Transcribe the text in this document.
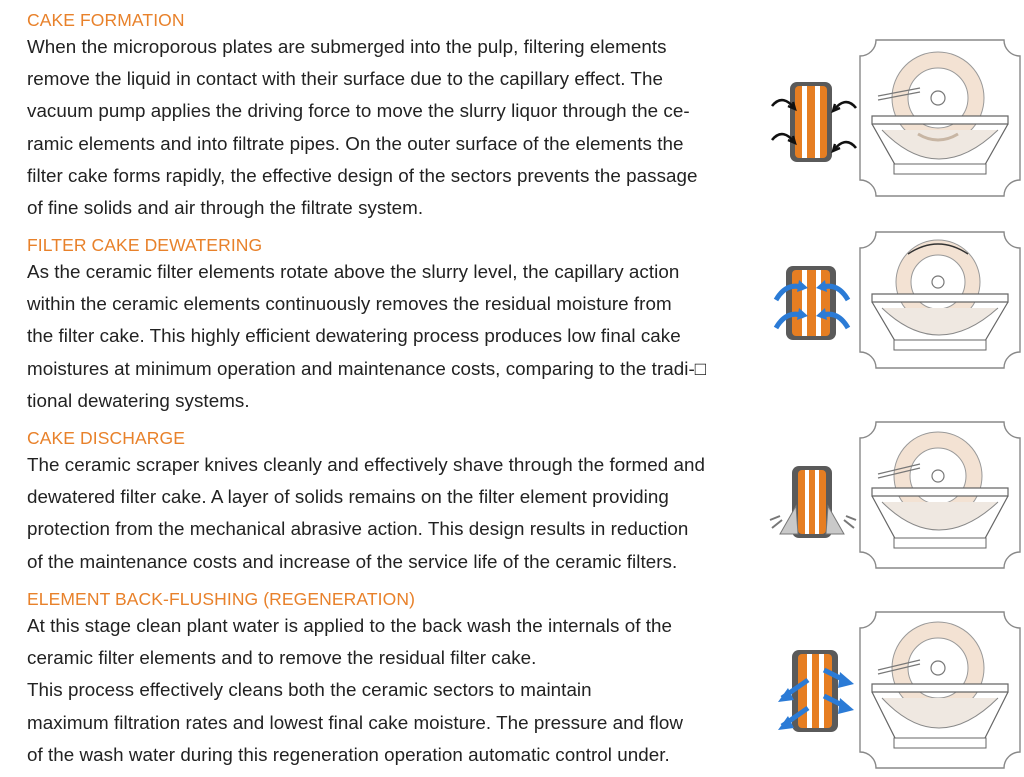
CAKE FORMATION

When the microporous plates are submerged into the pulp, filtering elements

remove the liquid in contact with their surface due to the capillary effect. The

vacuum pump applies the driving force to move the slurry liquor through the ce-

ramic elements and into filtrate pipes. On the outer surface of the elements the

filter cake forms rapidly, the effective design of the sectors prevents the passage

of fine solids and air through the filtrate system.

FILTER CAKE DEWATERING

As the ceramic filter elements rotate above the slurry level, the capillary action

within the ceramic elements continuously removes the residual moisture from

the filter cake. This highly efficient dewatering process produces low final cake

moistures at minimum operation and maintenance costs, comparing to the tradi-□

tional dewatering systems.

CAKE DISCHARGE

The ceramic scraper knives cleanly and effectively shave through the formed and

dewatered filter cake. A layer of solids remains on the filter element providing

protection from the mechanical abrasive action. This design results in reduction

of the maintenance costs and increase of the service life of the ceramic filters.

ELEMENT BACK-FLUSHING (REGENERATION)

At this stage clean plant water is applied to the back wash the internals of the

ceramic filter elements and to remove the residual filter cake.

This process effectively cleans both the ceramic sectors to maintain

maximum filtration rates and lowest final cake moisture. The pressure and flow

of the wash water during this regeneration operation automatic control under.
